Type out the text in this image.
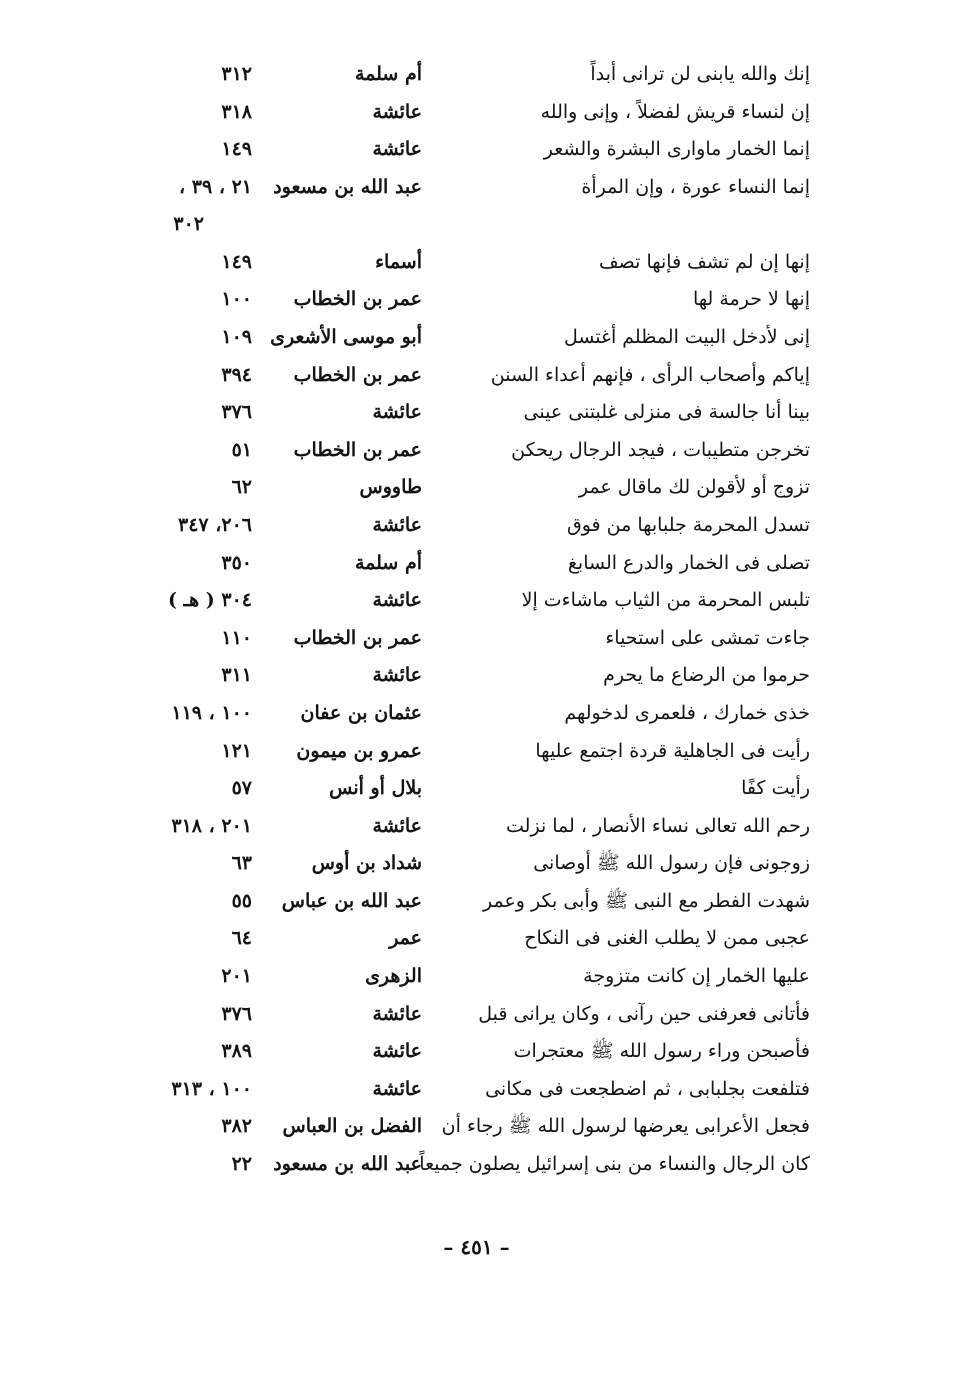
إنك والله يابنى لن ترانى أبداً
أم سلمة
٣١٢
إن لنساء قريش لفضلاً ، وإنى والله
عائشة
٣١٨
إنما الخمار ماوارى البشرة والشعر
عائشة
١٤٩
إنما النساء عورة ، وإن المرأة
عبد الله بن مسعود
٢١ ، ٣٩ ،
٣٠٢
إنها إن لم تشف فإنها تصف
أسماء
١٤٩
إنها لا حرمة لها
عمر بن الخطاب
١٠٠
إنى لأدخل البيت المظلم أغتسل
أبو موسى الأشعرى
١٠٩
إياكم وأصحاب الرأى ، فإنهم أعداء السنن
عمر بن الخطاب
٣٩٤
بينا أنا جالسة فى منزلى غلبتنى عينى
عائشة
٣٧٦
تخرجن متطيبات ، فيجد الرجال ريحكن
عمر بن الخطاب
٥١
تزوج أو لأقولن لك ماقال عمر
طاووس
٦٢
تسدل المحرمة جلبابها من فوق
عائشة
٢٠٦، ٣٤٧
تصلى فى الخمار والدرع السابغ
أم سلمة
٣٥٠
تلبس المحرمة من الثياب ماشاءت إلا
عائشة
٣٠٤ ( هـ )
جاءت تمشى على استحياء
عمر بن الخطاب
١١٠
حرموا من الرضاع ما يحرم
عائشة
٣١١
خذى خمارك ، فلعمرى لدخولهم
عثمان بن عفان
١٠٠ ، ١١٩
رأيت فى الجاهلية قردة اجتمع عليها
عمرو بن ميمون
١٢١
رأيت كفًا
بلال أو أنس
٥٧
رحم الله تعالى نساء الأنصار ، لما نزلت
عائشة
٢٠١ ، ٣١٨
زوجونى فإن رسول الله ﷺ أوصانى
شداد بن أوس
٦٣
شهدت الفطر مع النبى ﷺ وأبى بكر وعمر
عبد الله بن عباس
٥٥
عجبى ممن لا يطلب الغنى فى النكاح
عمر
٦٤
عليها الخمار إن كانت متزوجة
الزهرى
٢٠١
فأتانى فعرفنى حين رآنى ، وكان يرانى قبل
عائشة
٣٧٦
فأصبحن وراء رسول الله ﷺ معتجرات
عائشة
٣٨٩
فتلفعت بجلبابى ، ثم اضطجعت فى مكانى
عائشة
١٠٠ ، ٣١٣
فجعل الأعرابى يعرضها لرسول الله ﷺ رجاء أن
الفضل بن العباس
٣٨٢
كان الرجال والنساء من بنى إسرائيل يصلون جميعاً
عبد الله بن مسعود
٢٢
– ٤٥١ –
